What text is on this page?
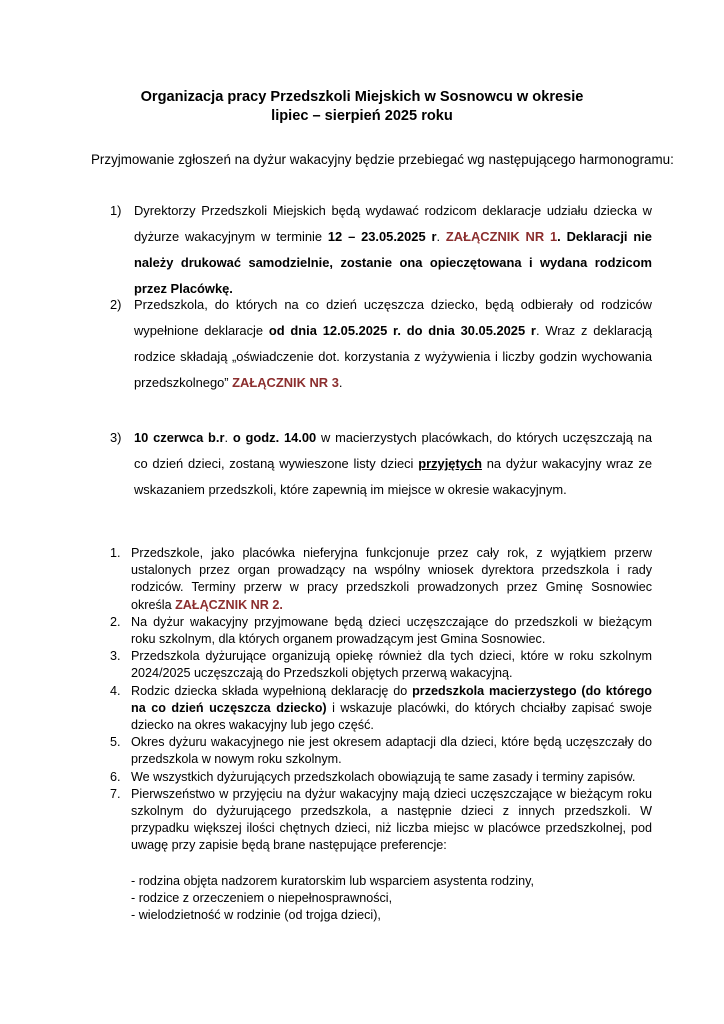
Organizacja pracy Przedszkoli Miejskich w Sosnowcu w okresie
lipiec – sierpień 2025 roku
Przyjmowanie zgłoszeń na dyżur wakacyjny będzie przebiegać wg następującego harmonogramu:
1) Dyrektorzy Przedszkoli Miejskich będą wydawać rodzicom deklaracje udziału dziecka w dyżurze wakacyjnym w terminie 12 – 23.05.2025 r. ZAŁĄCZNIK NR 1. Deklaracji nie należy drukować samodzielnie, zostanie ona opieczętowana i wydana rodzicom przez Placówkę.
2) Przedszkola, do których na co dzień uczęszcza dziecko, będą odbierały od rodziców wypełnione deklaracje od dnia 12.05.2025 r. do dnia 30.05.2025 r. Wraz z deklaracją rodzice składają „oświadczenie dot. korzystania z wyżywienia i liczby godzin wychowania przedszkolnego” ZAŁĄCZNIK NR 3.
3) 10 czerwca b.r. o godz. 14.00 w macierzystych placówkach, do których uczęszczają na co dzień dzieci, zostaną wywieszone listy dzieci przyjętych na dyżur wakacyjny wraz ze wskazaniem przedszkoli, które zapewnią im miejsce w okresie wakacyjnym.
1. Przedszkole, jako placówka nieferyjna funkcjonuje przez cały rok, z wyjątkiem przerw ustalonych przez organ prowadzący na wspólny wniosek dyrektora przedszkola i rady rodziców. Terminy przerw w pracy przedszkoli prowadzonych przez Gminę Sosnowiec określa ZAŁĄCZNIK NR 2.
2. Na dyżur wakacyjny przyjmowane będą dzieci uczęszczające do przedszkoli w bieżącym roku szkolnym, dla których organem prowadzącym jest Gmina Sosnowiec.
3. Przedszkola dyżurujące organizują opiekę również dla tych dzieci, które w roku szkolnym 2024/2025 uczęszczają do Przedszkoli objętych przerwą wakacyjną.
4. Rodzic dziecka składa wypełnioną deklarację do przedszkola macierzystego (do którego na co dzień uczęszcza dziecko) i wskazuje placówki, do których chciałby zapisać swoje dziecko na okres wakacyjny lub jego część.
5. Okres dyżuru wakacyjnego nie jest okresem adaptacji dla dzieci, które będą uczęszczały do przedszkola w nowym roku szkolnym.
6. We wszystkich dyżurujących przedszkolach obowiązują te same zasady i terminy zapisów.
7. Pierwszeństwo w przyjęciu na dyżur wakacyjny mają dzieci uczęszczające w bieżącym roku szkolnym do dyżurującego przedszkola, a następnie dzieci z innych przedszkoli. W przypadku większej ilości chętnych dzieci, niż liczba miejsc w placówce przedszkolnej, pod uwagę przy zapisie będą brane następujące preferencje:
- rodzina objęta nadzorem kuratorskim lub wsparciem asystenta rodziny,
- rodzice z orzeczeniem o niepełnosprawności,
- wielodzietność w rodzinie (od trojga dzieci),
